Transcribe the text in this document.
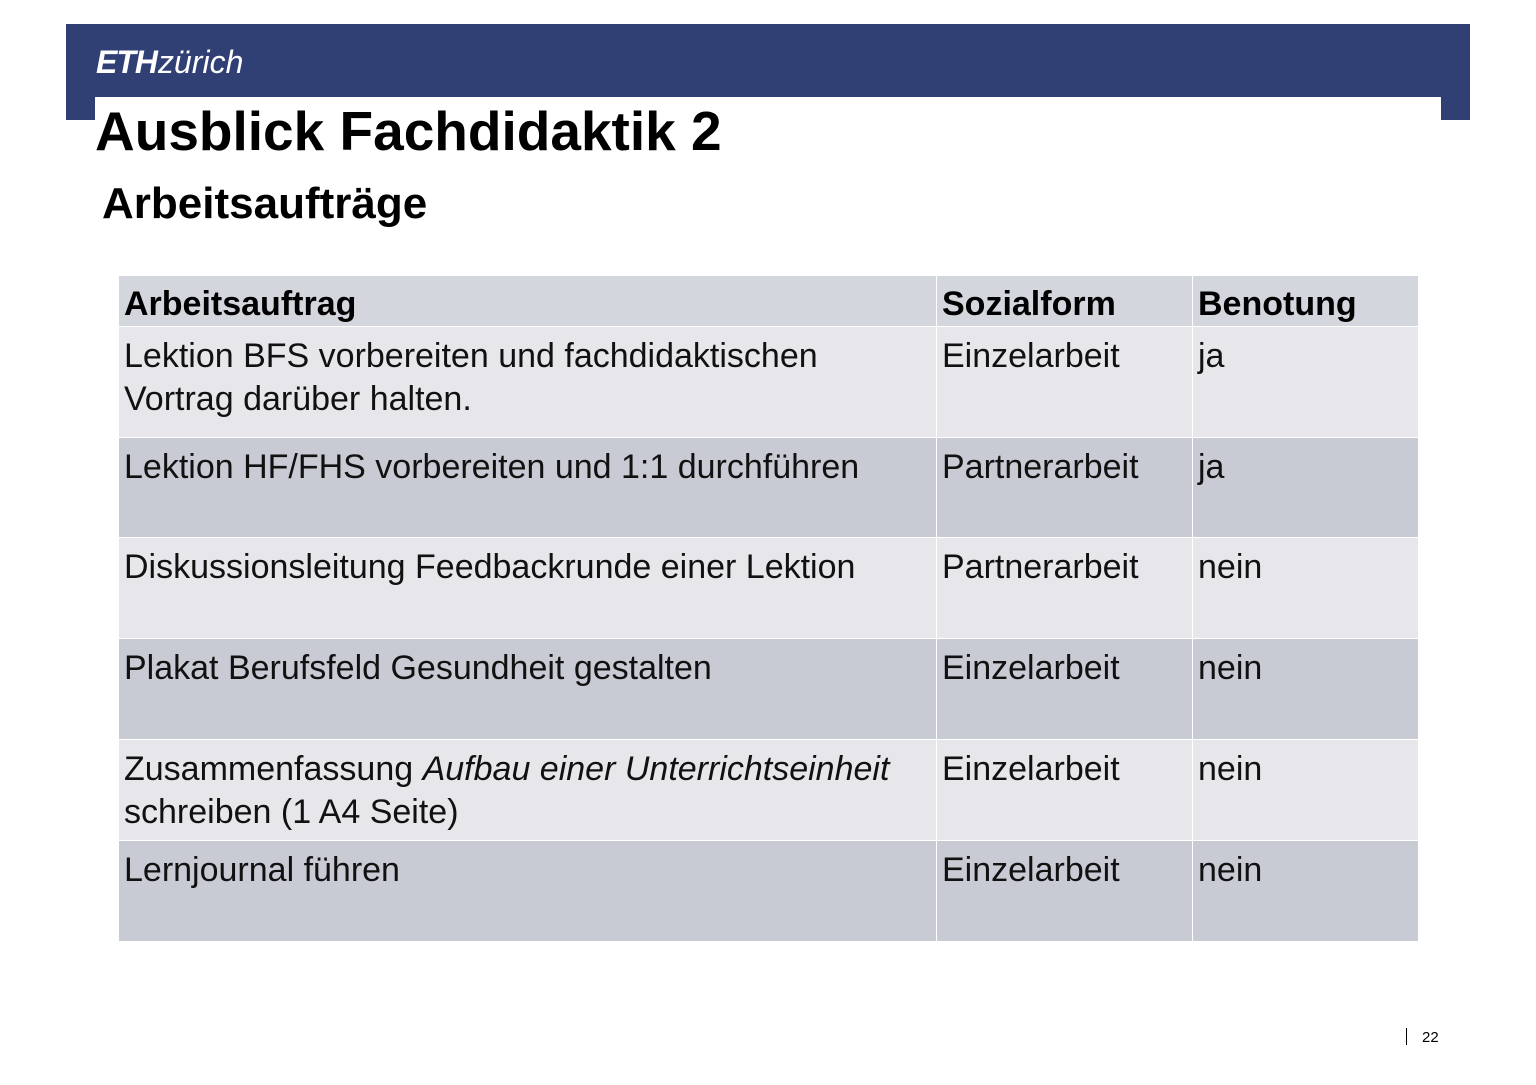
ETHzürich
Ausblick Fachdidaktik 2
Arbeitsaufträge
Arbeitsauftrag	Sozialform	Benotung
Lektion BFS vorbereiten und fachdidaktischen Vortrag darüber halten.	Einzelarbeit	ja
Lektion HF/FHS vorbereiten und 1:1 durchführen	Partnerarbeit	ja
Diskussionsleitung Feedbackrunde einer Lektion	Partnerarbeit	nein
Plakat Berufsfeld Gesundheit gestalten	Einzelarbeit	nein
Zusammenfassung Aufbau einer Unterrichtseinheit schreiben (1 A4 Seite)	Einzelarbeit	nein
Lernjournal führen	Einzelarbeit	nein
22
